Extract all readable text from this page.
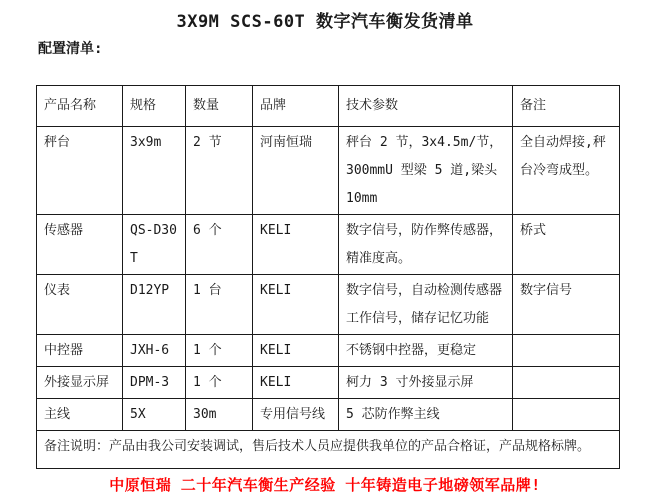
3X9M SCS-60T 数字汽车衡发货清单
配置清单:
产品名称	规格	数量	品牌	技术参数	备注
秤台	3x9m	2 节	河南恒瑞	秤台 2 节，3x4.5m/节，300mmU 型梁 5 道,梁头 10mm	全自动焊接,秤台冷弯成型。
传感器	QS-D30T	6 个	KELI	数字信号，防作弊传感器，精准度高。	桥式
仪表	D12YP	1 台	KELI	数字信号，自动检测传感器工作信号，储存记忆功能	数字信号
中控器	JXH-6	1 个	KELI	不锈钢中控器，更稳定	
外接显示屏	DPM-3	1 个	KELI	柯力 3 寸外接显示屏	
主线	5X	30m	专用信号线	5 芯防作弊主线	
备注说明：产品由我公司安装调试，售后技术人员应提供我单位的产品合格证，产品规格标牌。					
中原恒瑞 二十年汽车衡生产经验 十年铸造电子地磅领军品牌!
